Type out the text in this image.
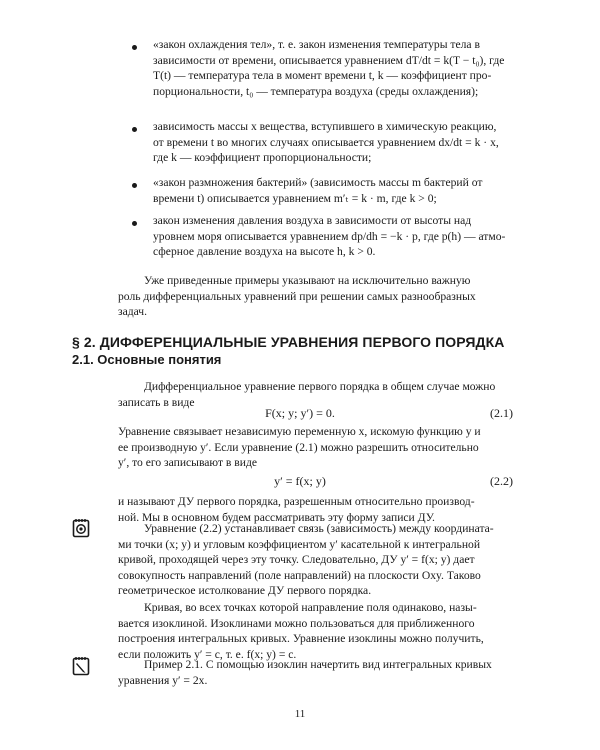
«закон охлаждения тел», т. е. закон изменения температуры тела в
зависимости от времени, описывается уравнением dT/dt = k(T − t₀), где
T(t) — температура тела в момент времени t, k — коэффициент про-
порциональности, t₀ — температура воздуха (среды охлаждения);

зависимость массы x вещества, вступившего в химическую реакцию,
от времени t во многих случаях описывается уравнением dx/dt = k · x,
где k — коэффициент пропорциональности;

«закон размножения бактерий» (зависимость массы m бактерий от
времени t) описывается уравнением m′ₜ = k · m, где k > 0;

закон изменения давления воздуха в зависимости от высоты над
уровнем моря описывается уравнением dp/dh = −k · p, где p(h) — атмо-
сферное давление воздуха на высоте h, k > 0.

Уже приведенные примеры указывают на исключительно важную
роль дифференциальных уравнений при решении самых разнообразных
задач.

§ 2. ДИФФЕРЕНЦИАЛЬНЫЕ УРАВНЕНИЯ ПЕРВОГО ПОРЯДКА
2.1. Основные понятия

Дифференциальное уравнение первого порядка в общем случае можно
записать в виде

F(x; y; y′) = 0.	(2.1)

Уравнение связывает независимую переменную x, искомую функцию y и
ее производную y′. Если уравнение (2.1) можно разрешить относительно
y′, то его записывают в виде

y′ = f(x; y)	(2.2)

и называют ДУ первого порядка, разрешенным относительно производ-
ной. Мы в основном будем рассматривать эту форму записи ДУ.

Уравнение (2.2) устанавливает связь (зависимость) между координата-
ми точки (x; y) и угловым коэффициентом y′ касательной к интегральной
кривой, проходящей через эту точку. Следовательно, ДУ y′ = f(x; y) дает
совокупность направлений (поле направлений) на плоскости Oxy. Таково
геометрическое истолкование ДУ первого порядка.

Кривая, во всех точках которой направление поля одинаково, назы-
вается изоклиной. Изоклинами можно пользоваться для приближенного
построения интегральных кривых. Уравнение изоклины можно получить,
если положить y′ = c, т. е. f(x; y) = c.

Пример 2.1. С помощью изоклин начертить вид интегральных кривых
уравнения y′ = 2x.

11
